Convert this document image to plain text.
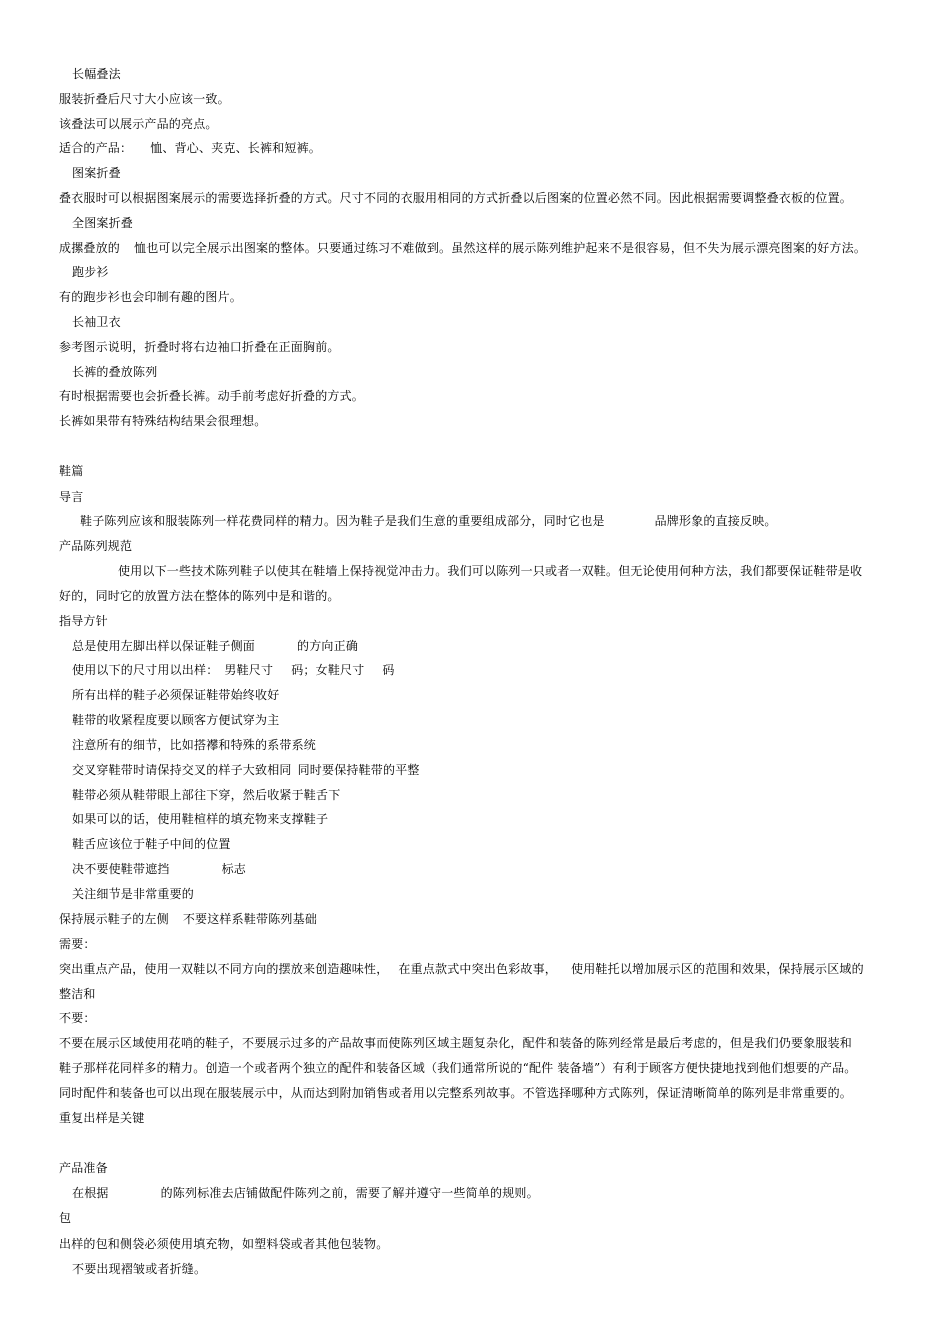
长幅叠法
服装折叠后尺寸大小应该一致。
该叠法可以展示产品的亮点。
适合的产品： 恤、背心、夹克、长裤和短裤。
图案折叠
叠衣服时可以根据图案展示的需要选择折叠的方式。尺寸不同的衣服用相同的方式折叠以后图案的位置必然不同。因此根据需要调整叠衣板的位置。
全图案折叠
成摞叠放的 恤也可以完全展示出图案的整体。只要通过练习不难做到。虽然这样的展示陈列维护起来不是很容易，但不失为展示漂亮图案的好方法。
跑步衫
有的跑步衫也会印制有趣的图片。
长袖卫衣
参考图示说明，折叠时将右边袖口折叠在正面胸前。
长裤的叠放陈列
有时根据需要也会折叠长裤。动手前考虑好折叠的方式。
长裤如果带有特殊结构结果会很理想。
鞋篇
导言
鞋子陈列应该和服装陈列一样花费同样的精力。因为鞋子是我们生意的重要组成部分，同时它也是	品牌形象的直接反映。
产品陈列规范
使用以下一些技术陈列鞋子以使其在鞋墙上保持视觉冲击力。我们可以陈列一只或者一双鞋。但无论使用何种方法，我们都要保证鞋带是收
好的，同时它的放置方法在整体的陈列中是和谐的。
指导方针
总是使用左脚出样以保证鞋子侧面	的方向正确
使用以下的尺寸用以出样： 男鞋尺寸 码；女鞋尺寸 码
所有出样的鞋子必须保证鞋带始终收好
鞋带的收紧程度要以顾客方便试穿为主
注意所有的细节，比如搭襻和特殊的系带系统
交叉穿鞋带时请保持交叉的样子大致相同 同时要保持鞋带的平整
鞋带必须从鞋带眼上部往下穿，然后收紧于鞋舌下
如果可以的话，使用鞋楦样的填充物来支撑鞋子
鞋舌应该位于鞋子中间的位置
决不要使鞋带遮挡	标志
关注细节是非常重要的
保持展示鞋子的左侧 不要这样系鞋带陈列基础
需要：
突出重点产品，使用一双鞋以不同方向的摆放来创造趣味性， 在重点款式中突出色彩故事， 使用鞋托以增加展示区的范围和效果，保持展示区域的
整洁和
不要：
不要在展示区域使用花哨的鞋子，不要展示过多的产品故事而使陈列区域主题复杂化，配件和装备的陈列经常是最后考虑的，但是我们仍要象服装和
鞋子那样花同样多的精力。创造一个或者两个独立的配件和装备区域（我们通常所说的“配件 装备墙”）有利于顾客方便快捷地找到他们想要的产品。
同时配件和装备也可以出现在服装展示中，从而达到附加销售或者用以完整系列故事。不管选择哪种方式陈列，保证清晰简单的陈列是非常重要的。
重复出样是关键
产品准备
在根据	的陈列标准去店铺做配件陈列之前，需要了解并遵守一些简单的规则。
包
出样的包和侧袋必须使用填充物，如塑料袋或者其他包装物。
不要出现褶皱或者折缝。
